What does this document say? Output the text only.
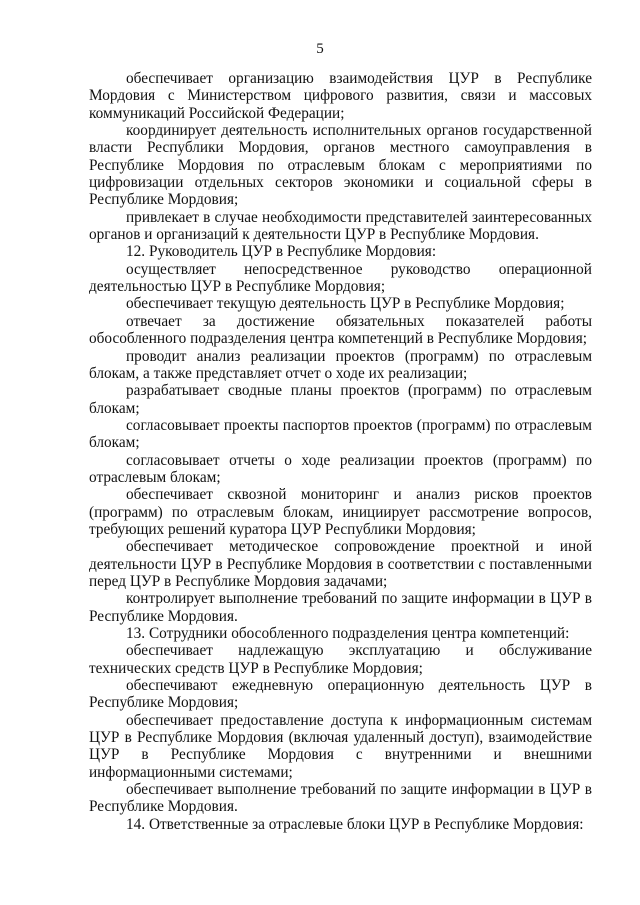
5

обеспечивает организацию взаимодействия ЦУР в Республике Мордовия с Министерством цифрового развития, связи и массовых коммуникаций Российской Федерации;

координирует деятельность исполнительных органов государственной власти Республики Мордовия, органов местного самоуправления в Республике Мордовия по отраслевым блокам с мероприятиями по цифровизации отдельных секторов экономики и социальной сферы в Республике Мордовия;

привлекает в случае необходимости представителей заинтересованных органов и организаций к деятельности ЦУР в Республике Мордовия.

12. Руководитель ЦУР в Республике Мордовия:

осуществляет непосредственное руководство операционной деятельностью ЦУР в Республике Мордовия;

обеспечивает текущую деятельность ЦУР в Республике Мордовия;

отвечает за достижение обязательных показателей работы обособленного подразделения центра компетенций в Республике Мордовия;

проводит анализ реализации проектов (программ) по отраслевым блокам, а также представляет отчет о ходе их реализации;

разрабатывает сводные планы проектов (программ) по отраслевым блокам;

согласовывает проекты паспортов проектов (программ) по отраслевым блокам;

согласовывает отчеты о ходе реализации проектов (программ) по отраслевым блокам;

обеспечивает сквозной мониторинг и анализ рисков проектов (программ) по отраслевым блокам, инициирует рассмотрение вопросов, требующих решений куратора ЦУР Республики Мордовия;

обеспечивает методическое сопровождение проектной и иной деятельности ЦУР в Республике Мордовия в соответствии с поставленными перед ЦУР в Республике Мордовия задачами;

контролирует выполнение требований по защите информации в ЦУР в Республике Мордовия.

13. Сотрудники обособленного подразделения центра компетенций:

обеспечивает надлежащую эксплуатацию и обслуживание технических средств ЦУР в Республике Мордовия;

обеспечивают ежедневную операционную деятельность ЦУР в Республике Мордовия;

обеспечивает предоставление доступа к информационным системам ЦУР в Республике Мордовия (включая удаленный доступ), взаимодействие ЦУР в Республике Мордовия с внутренними и внешними информационными системами;

обеспечивает выполнение требований по защите информации в ЦУР в Республике Мордовия.

14. Ответственные за отраслевые блоки ЦУР в Республике Мордовия:
